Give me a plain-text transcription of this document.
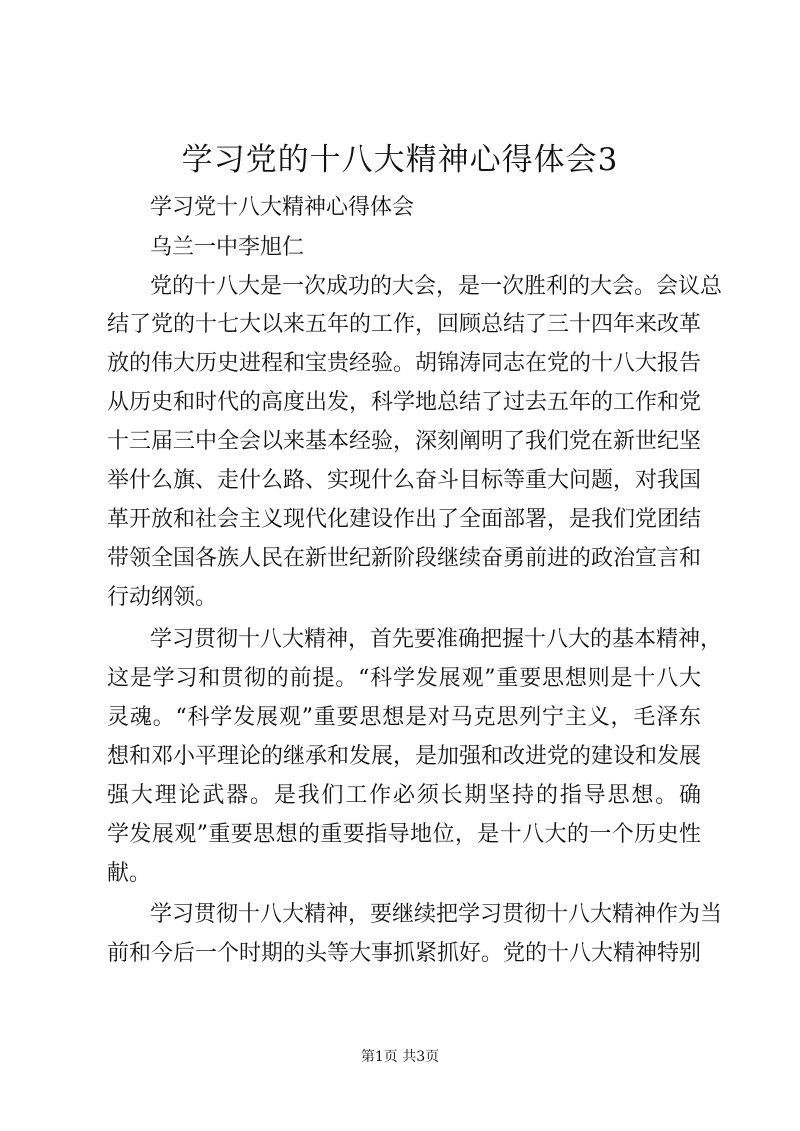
学习党的十八大精神心得体会3
学习党十八大精神心得体会
乌兰一中李旭仁
党的十八大是一次成功的大会，是一次胜利的大会。会议总
结了党的十七大以来五年的工作，回顾总结了三十四年来改革
放的伟大历史进程和宝贵经验。胡锦涛同志在党的十八大报告
从历史和时代的高度出发，科学地总结了过去五年的工作和党
十三届三中全会以来基本经验，深刻阐明了我们党在新世纪坚
举什么旗、走什么路、实现什么奋斗目标等重大问题，对我国
革开放和社会主义现代化建设作出了全面部署，是我们党团结
带领全国各族人民在新世纪新阶段继续奋勇前进的政治宣言和
行动纲领。
学习贯彻十八大精神，首先要准确把握十八大的基本精神，
这是学习和贯彻的前提。“科学发展观”重要思想则是十八大
灵魂。“科学发展观”重要思想是对马克思列宁主义，毛泽东
想和邓小平理论的继承和发展，是加强和改进党的建设和发展
强大理论武器。是我们工作必须长期坚持的指导思想。确
学发展观”重要思想的重要指导地位，是十八大的一个历史性
献。
学习贯彻十八大精神，要继续把学习贯彻十八大精神作为当
前和今后一个时期的头等大事抓紧抓好。党的十八大精神特别
第1页 共3页
